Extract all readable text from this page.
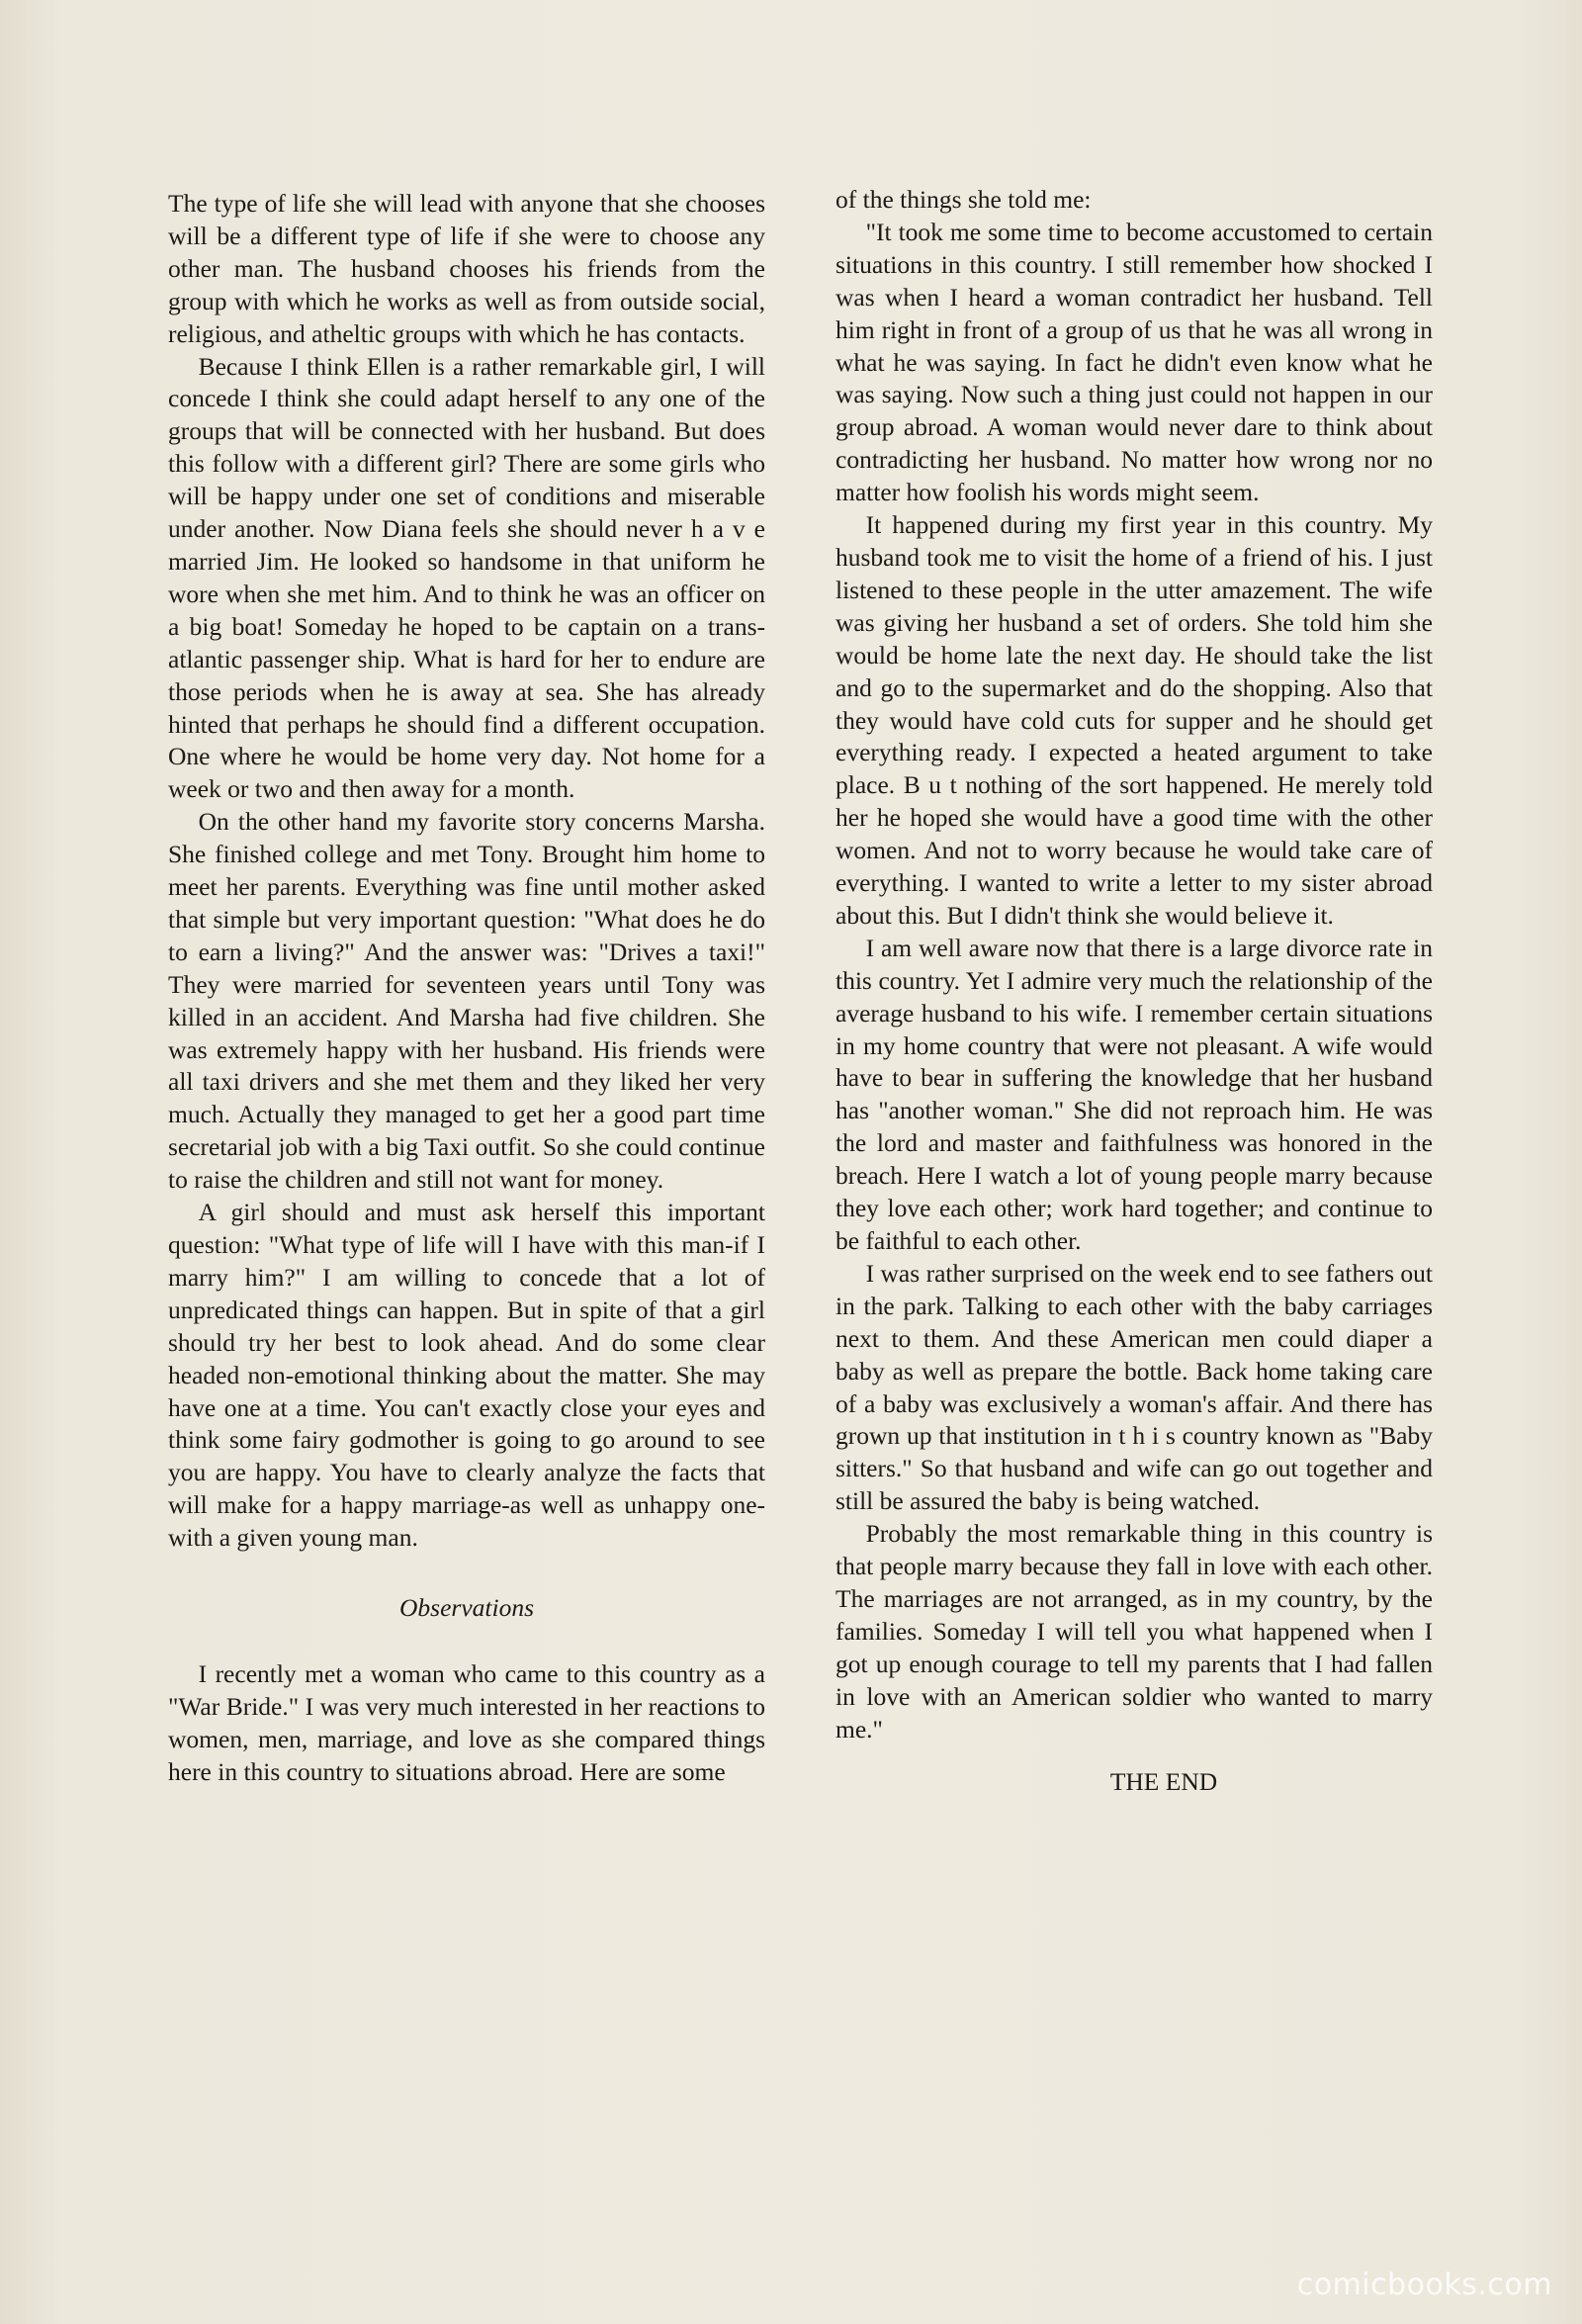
The type of life she will lead with anyone that she chooses will be a different type of life if she were to choose any other man. The husband chooses his friends from the group with which he works as well as from outside social, religious, and atheltic groups with which he has contacts.

Because I think Ellen is a rather remarkable girl, I will concede I think she could adapt herself to any one of the groups that will be connected with her husband. But does this follow with a different girl? There are some girls who will be happy under one set of conditions and miserable under another. Now Diana feels she should never h a v e married Jim. He looked so handsome in that uniform he wore when she met him. And to think he was an officer on a big boat! Someday he hoped to be captain on a trans-atlantic passenger ship. What is hard for her to endure are those periods when he is away at sea. She has already hinted that perhaps he should find a different occupation. One where he would be home very day. Not home for a week or two and then away for a month.

On the other hand my favorite story concerns Marsha. She finished college and met Tony. Brought him home to meet her parents. Everything was fine until mother asked that simple but very important question: "What does he do to earn a living?" And the answer was: "Drives a taxi!" They were married for seventeen years until Tony was killed in an accident. And Marsha had five children. She was extremely happy with her husband. His friends were all taxi drivers and she met them and they liked her very much. Actually they managed to get her a good part time secretarial job with a big Taxi outfit. So she could continue to raise the children and still not want for money.

A girl should and must ask herself this important question: "What type of life will I have with this man-if I marry him?" I am willing to concede that a lot of unpredicated things can happen. But in spite of that a girl should try her best to look ahead. And do some clear headed non-emotional thinking about the matter. She may have one at a time. You can't exactly close your eyes and think some fairy godmother is going to go around to see you are happy. You have to clearly analyze the facts that will make for a happy marriage-as well as unhappy one-with a given young man.

Observations

I recently met a woman who came to this country as a "War Bride." I was very much interested in her reactions to women, men, marriage, and love as she compared things here in this country to situations abroad. Here are some

of the things she told me:

"It took me some time to become accustomed to certain situations in this country. I still remember how shocked I was when I heard a woman contradict her husband. Tell him right in front of a group of us that he was all wrong in what he was saying. In fact he didn't even know what he was saying. Now such a thing just could not happen in our group abroad. A woman would never dare to think about contradicting her husband. No matter how wrong nor no matter how foolish his words might seem.

It happened during my first year in this country. My husband took me to visit the home of a friend of his. I just listened to these people in the utter amazement. The wife was giving her husband a set of orders. She told him she would be home late the next day. He should take the list and go to the supermarket and do the shopping. Also that they would have cold cuts for supper and he should get everything ready. I expected a heated argument to take place. B u t nothing of the sort happened. He merely told her he hoped she would have a good time with the other women. And not to worry because he would take care of everything. I wanted to write a letter to my sister abroad about this. But I didn't think she would believe it.

I am well aware now that there is a large divorce rate in this country. Yet I admire very much the relationship of the average husband to his wife. I remember certain situations in my home country that were not pleasant. A wife would have to bear in suffering the knowledge that her husband has "another woman." She did not reproach him. He was the lord and master and faithfulness was honored in the breach. Here I watch a lot of young people marry because they love each other; work hard together; and continue to be faithful to each other.

I was rather surprised on the week end to see fathers out in the park. Talking to each other with the baby carriages next to them. And these American men could diaper a baby as well as prepare the bottle. Back home taking care of a baby was exclusively a woman's affair. And there has grown up that institution in t h i s country known as "Baby sitters." So that husband and wife can go out together and still be assured the baby is being watched.

Probably the most remarkable thing in this country is that people marry because they fall in love with each other. The marriages are not arranged, as in my country, by the families. Someday I will tell you what happened when I got up enough courage to tell my parents that I had fallen in love with an American soldier who wanted to marry me."

THE END

comicbooks.com
